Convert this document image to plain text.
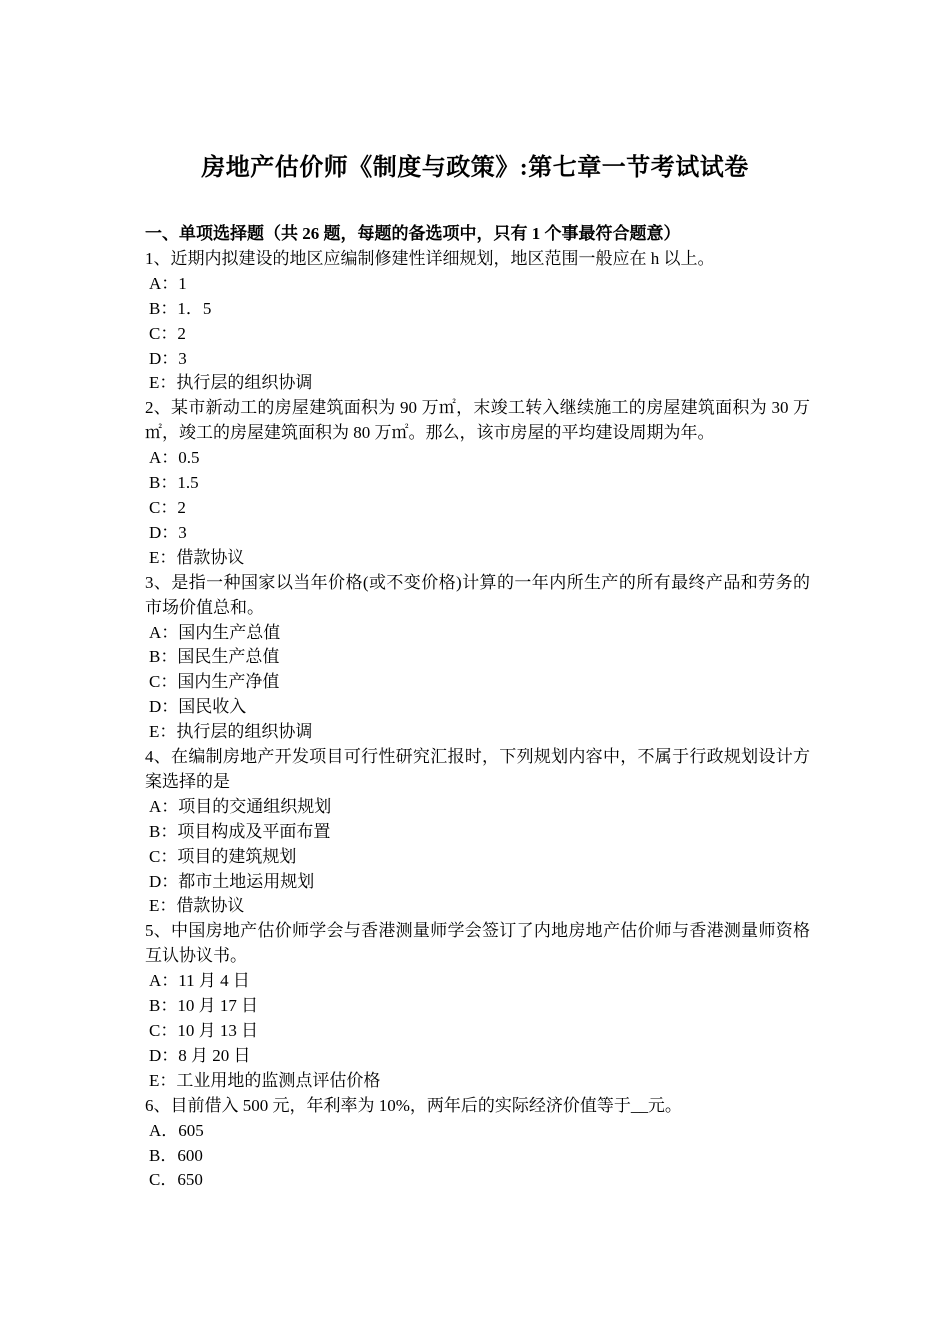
房地产估价师《制度与政策》:第七章一节考试试卷
一、单项选择题（共 26 题，每题的备选项中，只有 1 个事最符合题意）
1、近期内拟建设的地区应编制修建性详细规划，地区范围一般应在 h 以上。
A：1
B：1．5
C：2
D：3
E：执行层的组织协调
2、某市新动工的房屋建筑面积为 90 万㎡，末竣工转入继续施工的房屋建筑面积为 30 万㎡，竣工的房屋建筑面积为 80 万㎡。那么，该市房屋的平均建设周期为年。
A：0.5
B：1.5
C：2
D：3
E：借款协议
3、是指一种国家以当年价格(或不变价格)计算的一年内所生产的所有最终产品和劳务的市场价值总和。
A：国内生产总值
B：国民生产总值
C：国内生产净值
D：国民收入
E：执行层的组织协调
4、在编制房地产开发项目可行性研究汇报时，下列规划内容中，不属于行政规划设计方案选择的是
A：项目的交通组织规划
B：项目构成及平面布置
C：项目的建筑规划
D：都市土地运用规划
E：借款协议
5、中国房地产估价师学会与香港测量师学会签订了内地房地产估价师与香港测量师资格互认协议书。
A：11 月 4 日
B：10 月 17 日
C：10 月 13 日
D：8 月 20 日
E：工业用地的监测点评估价格
6、目前借入 500 元，年利率为 10%，两年后的实际经济价值等于__元。
A．605
B．600
C．650
